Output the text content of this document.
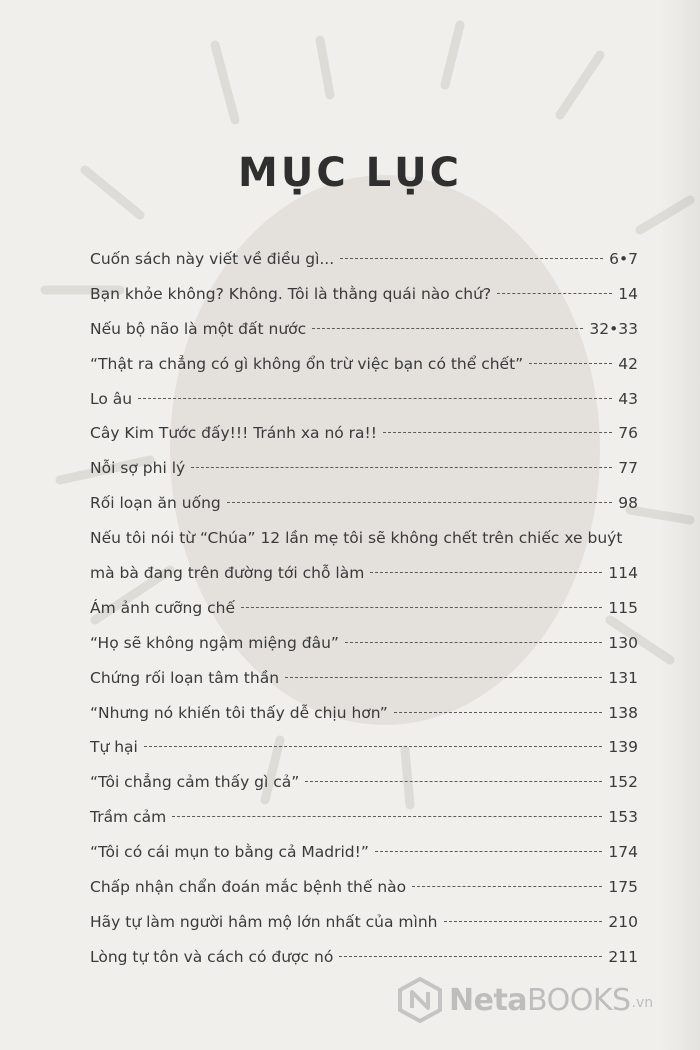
MỤC LỤC
Cuốn sách này viết về điều gì...	6•7
Bạn khỏe không? Không. Tôi là thằng quái nào chứ?	14
Nếu bộ não là một đất nước	32•33
“Thật ra chẳng có gì không ổn trừ việc bạn có thể chết”	42
Lo âu	43
Cây Kim Tước đấy!!! Tránh xa nó ra!!	76
Nỗi sợ phi lý	77
Rối loạn ăn uống	98
Nếu tôi nói từ “Chúa” 12 lần mẹ tôi sẽ không chết trên chiếc xe buýt
mà bà đang trên đường tới chỗ làm	114
Ám ảnh cưỡng chế	115
“Họ sẽ không ngậm miệng đâu”	130
Chứng rối loạn tâm thần	131
“Nhưng nó khiến tôi thấy dễ chịu hơn”	138
Tự hại	139
“Tôi chẳng cảm thấy gì cả”	152
Trầm cảm	153
“Tôi có cái mụn to bằng cả Madrid!”	174
Chấp nhận chẩn đoán mắc bệnh thế nào	175
Hãy tự làm người hâm mộ lớn nhất của mình	210
Lòng tự tôn và cách có được nó	211
NetaBOOKS .vn
